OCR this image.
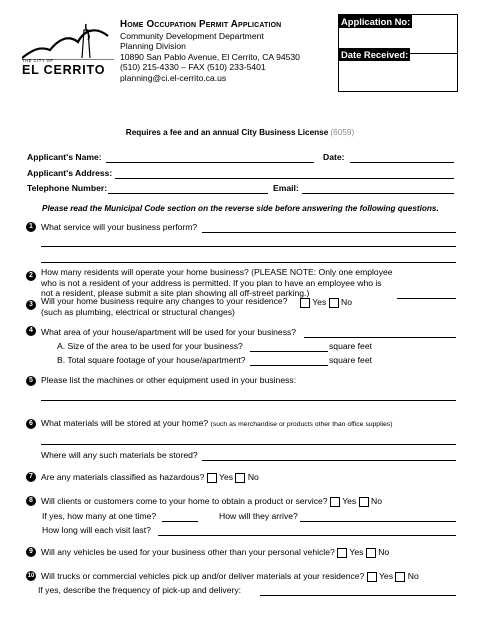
THE CITY OF
EL CERRITO
Home Occupation Permit Application
Community Development Department
Planning Division
10890 San Pablo Avenue, El Cerrito, CA 94530
(510) 215-4330 – FAX (510) 233-5401
planning@ci.el-cerrito.ca.us
Application No:
Date Received:
Requires a fee and an annual City Business License (6059)
Applicant's Name:	Date:
Applicant's Address:
Telephone Number:	Email:
Please read the Municipal Code section on the reverse side before answering the following questions.
1 What service will your business perform?
2 How many residents will operate your home business? (PLEASE NOTE: Only one employee
who is not a resident of your address is permitted. If you plan to have an employee who is
not a resident, please submit a site plan showing all off-street parking.)
3 Will your home business require any changes to your residence?
(such as plumbing, electrical or structural changes)
Yes No
4 What area of your house/apartment will be used for your business?
A. Size of the area to be used for your business?	square feet
B. Total square footage of your house/apartment?	square feet
5 Please list the machines or other equipment used in your business:
6 What materials will be stored at your home? (such as merchandise or products other than office supplies)
Where will any such materials be stored?
7 Are any materials classified as hazardous? Yes No
8 Will clients or customers come to your home to obtain a product or service? Yes No
If yes, how many at one time?	How will they arrive?
How long will each visit last?
9 Will any vehicles be used for your business other than your personal vehicle? Yes No
10 Will trucks or commercial vehicles pick up and/or deliver materials at your residence? Yes No
If yes, describe the frequency of pick-up and delivery:
